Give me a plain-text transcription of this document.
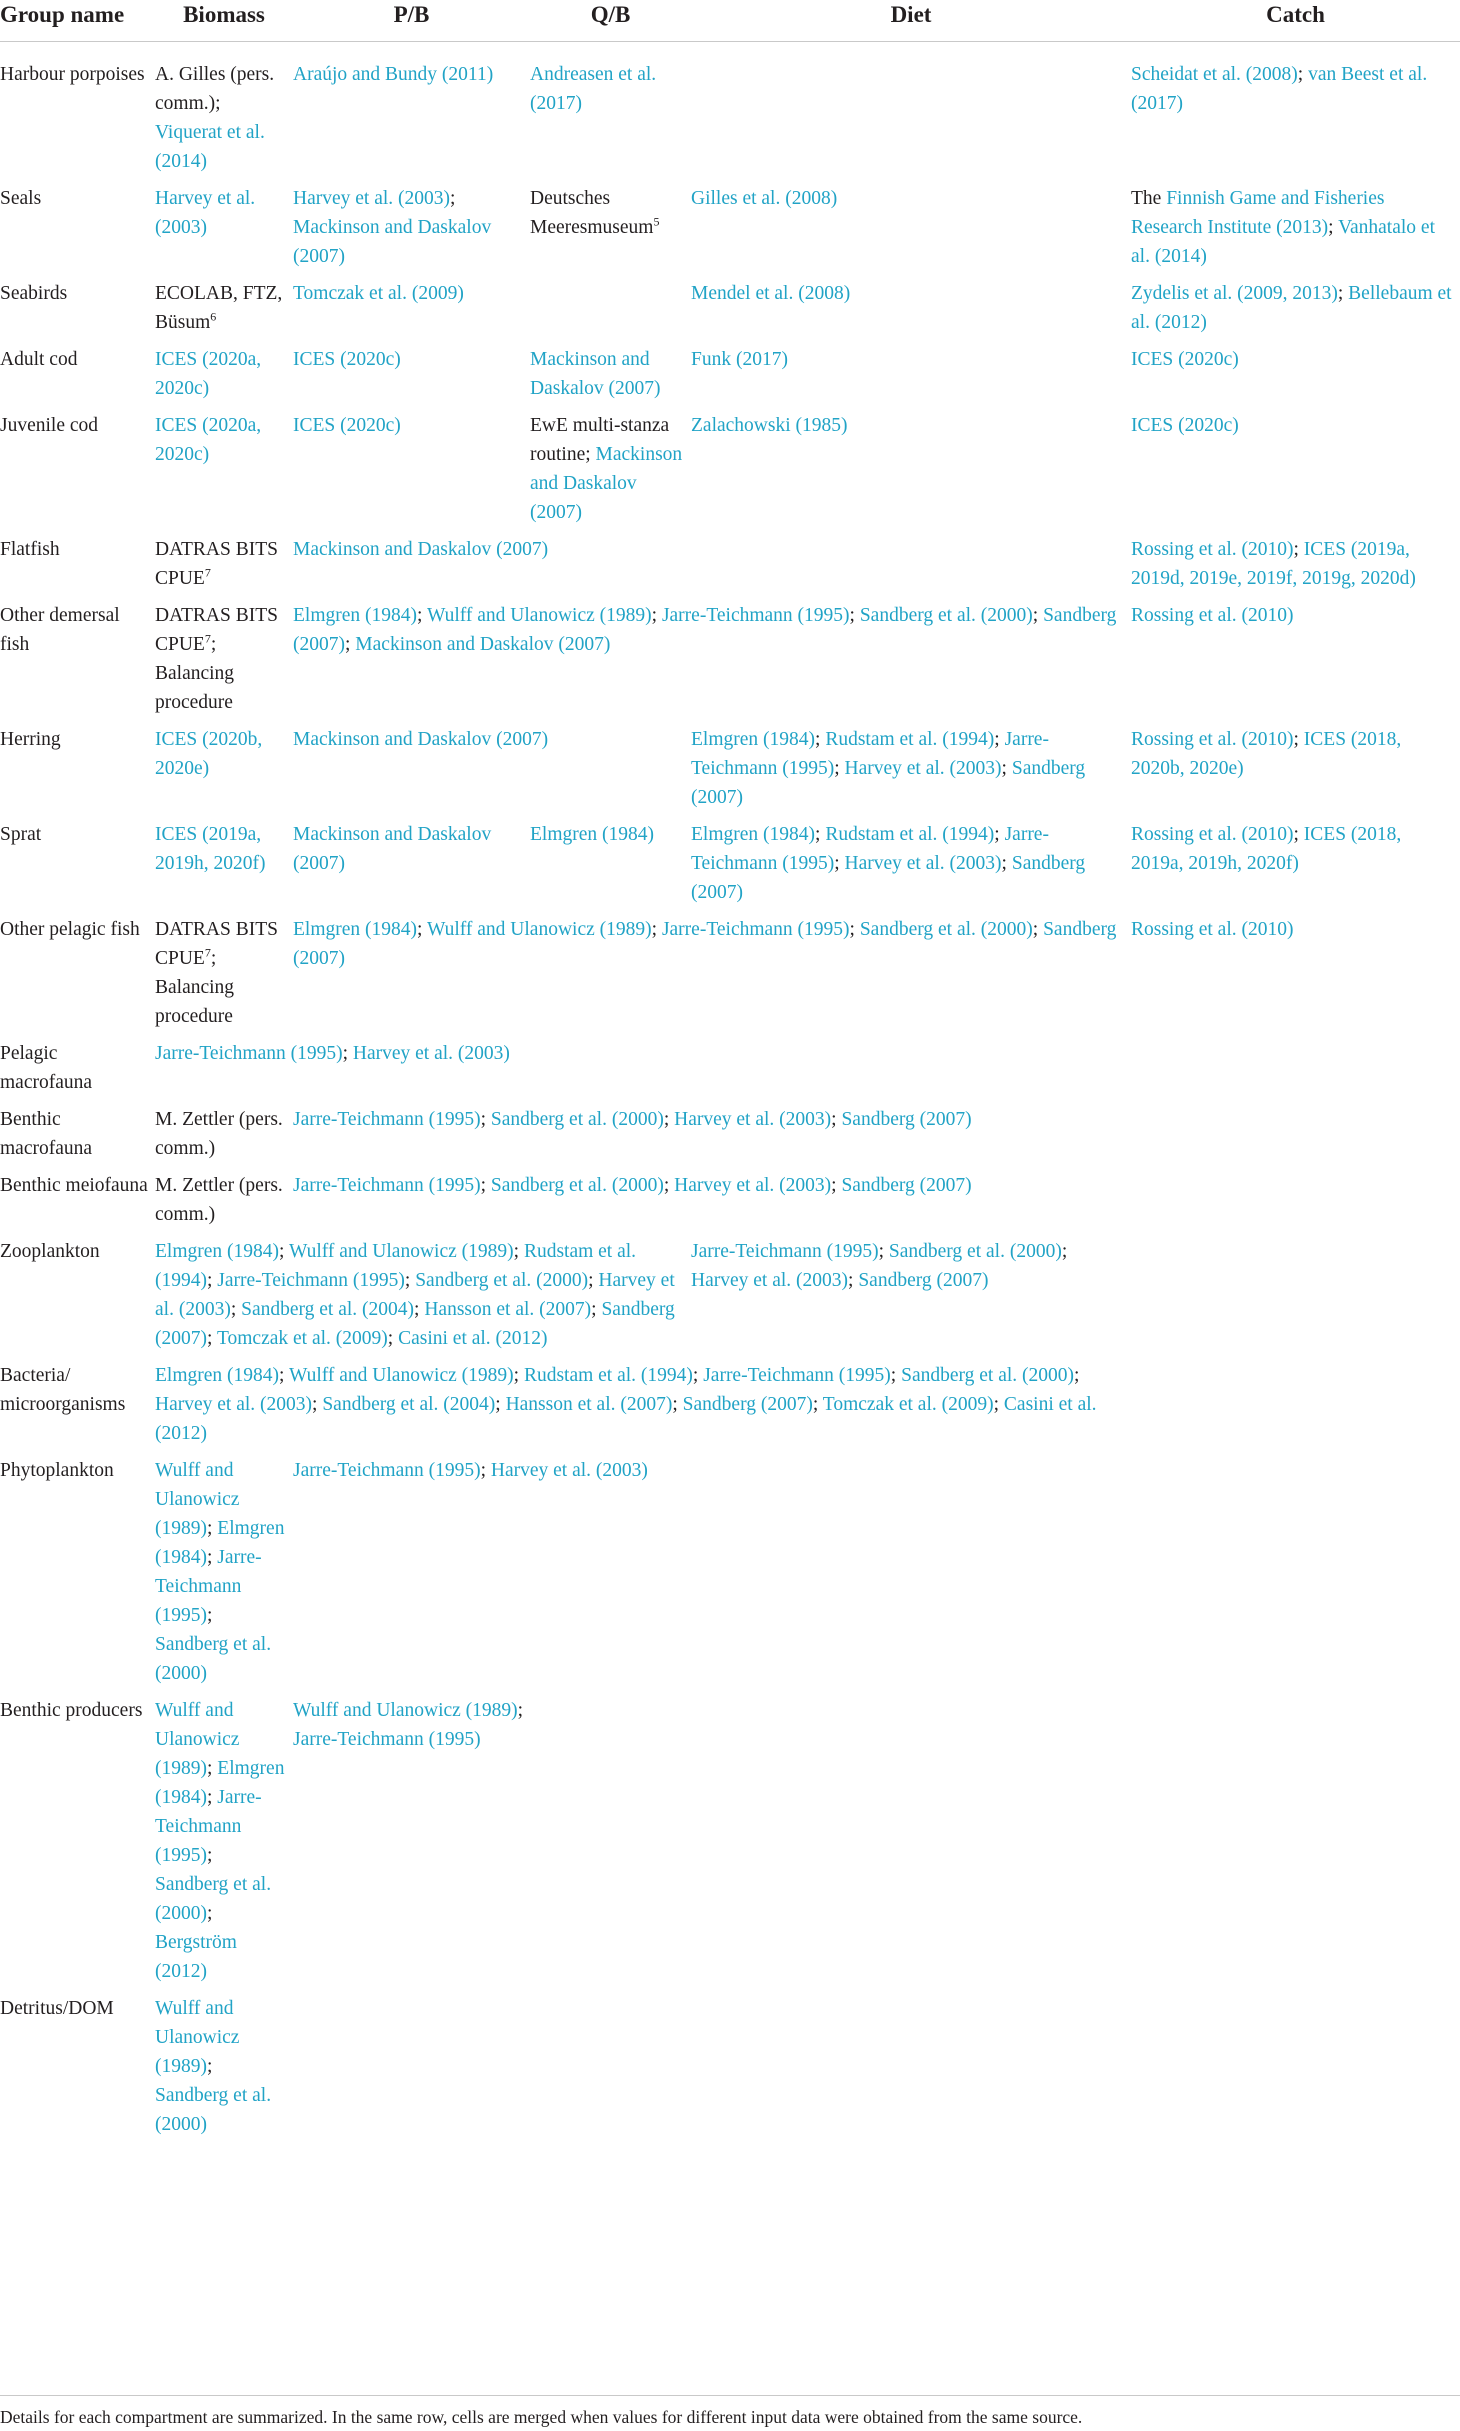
Group name	Biomass	P/B	Q/B	Diet	Catch
Harbour porpoises	A. Gilles (pers. comm.); Viquerat et al. (2014)	Araújo and Bundy (2011)	Andreasen et al. (2017)		Scheidat et al. (2008); van Beest et al. (2017)
Seals	Harvey et al. (2003)	Harvey et al. (2003); Mackinson and Daskalov (2007)	Deutsches Meeresmuseum$^5$	Gilles et al. (2008)	The Finnish Game and Fisheries Research Institute (2013); Vanhatalo et al. (2014)
Seabirds	ECOLAB, FTZ, Büsum$^6$	Tomczak et al. (2009)		Mendel et al. (2008)	Zydelis et al. (2009, 2013); Bellebaum et al. (2012)
Adult cod	ICES (2020a, 2020c)	ICES (2020c)	Mackinson and Daskalov (2007)	Funk (2017)	ICES (2020c)
Juvenile cod	ICES (2020a, 2020c)	ICES (2020c)	EwE multi-stanza routine; Mackinson and Daskalov (2007)	Zalachowski (1985)	ICES (2020c)
Flatfish	DATRAS BITS CPUE$^7$	Mackinson and Daskalov (2007)			Rossing et al. (2010); ICES (2019a, 2019d, 2019e, 2019f, 2019g, 2020d)
Other demersal fish	DATRAS BITS CPUE$^7$; Balancing procedure	Elmgren (1984); Wulff and Ulanowicz (1989); Jarre-Teichmann (1995); Sandberg et al. (2000); Sandberg (2007); Mackinson and Daskalov (2007)			Rossing et al. (2010)
Herring	ICES (2020b, 2020e)	Mackinson and Daskalov (2007)		Elmgren (1984); Rudstam et al. (1994); Jarre-Teichmann (1995); Harvey et al. (2003); Sandberg (2007)	Rossing et al. (2010); ICES (2018, 2020b, 2020e)
Sprat	ICES (2019a, 2019h, 2020f)	Mackinson and Daskalov (2007)	Elmgren (1984)	Elmgren (1984); Rudstam et al. (1994); Jarre-Teichmann (1995); Harvey et al. (2003); Sandberg (2007)	Rossing et al. (2010); ICES (2018, 2019a, 2019h, 2020f)
Other pelagic fish	DATRAS BITS CPUE$^7$; Balancing procedure	Elmgren (1984); Wulff and Ulanowicz (1989); Jarre-Teichmann (1995); Sandberg et al. (2000); Sandberg (2007)			Rossing et al. (2010)
Pelagic macrofauna	Jarre-Teichmann (1995); Harvey et al. (2003)				
Benthic macrofauna	M. Zettler (pers. comm.)	Jarre-Teichmann (1995); Sandberg et al. (2000); Harvey et al. (2003); Sandberg (2007)			
Benthic meiofauna	M. Zettler (pers. comm.)	Jarre-Teichmann (1995); Sandberg et al. (2000); Harvey et al. (2003); Sandberg (2007)			
Zooplankton	Elmgren (1984); Wulff and Ulanowicz (1989); Rudstam et al. (1994); Jarre-Teichmann (1995); Sandberg et al. (2000); Harvey et al. (2003); Sandberg et al. (2004); Hansson et al. (2007); Sandberg (2007); Tomczak et al. (2009); Casini et al. (2012)			Jarre-Teichmann (1995); Sandberg et al. (2000); Harvey et al. (2003); Sandberg (2007)	
Bacteria/ microorganisms	Elmgren (1984); Wulff and Ulanowicz (1989); Rudstam et al. (1994); Jarre-Teichmann (1995); Sandberg et al. (2000); Harvey et al. (2003); Sandberg et al. (2004); Hansson et al. (2007); Sandberg (2007); Tomczak et al. (2009); Casini et al. (2012)				
Phytoplankton	Wulff and Ulanowicz (1989); Elmgren (1984); Jarre-Teichmann (1995); Sandberg et al. (2000)	Jarre-Teichmann (1995); Harvey et al. (2003)			
Benthic producers	Wulff and Ulanowicz (1989); Elmgren (1984); Jarre-Teichmann (1995); Sandberg et al. (2000); Bergström (2012)	Wulff and Ulanowicz (1989); Jarre-Teichmann (1995)			
Detritus/DOM	Wulff and Ulanowicz (1989); Sandberg et al. (2000)				
Details for each compartment are summarized. In the same row, cells are merged when values for different input data were obtained from the same source.
